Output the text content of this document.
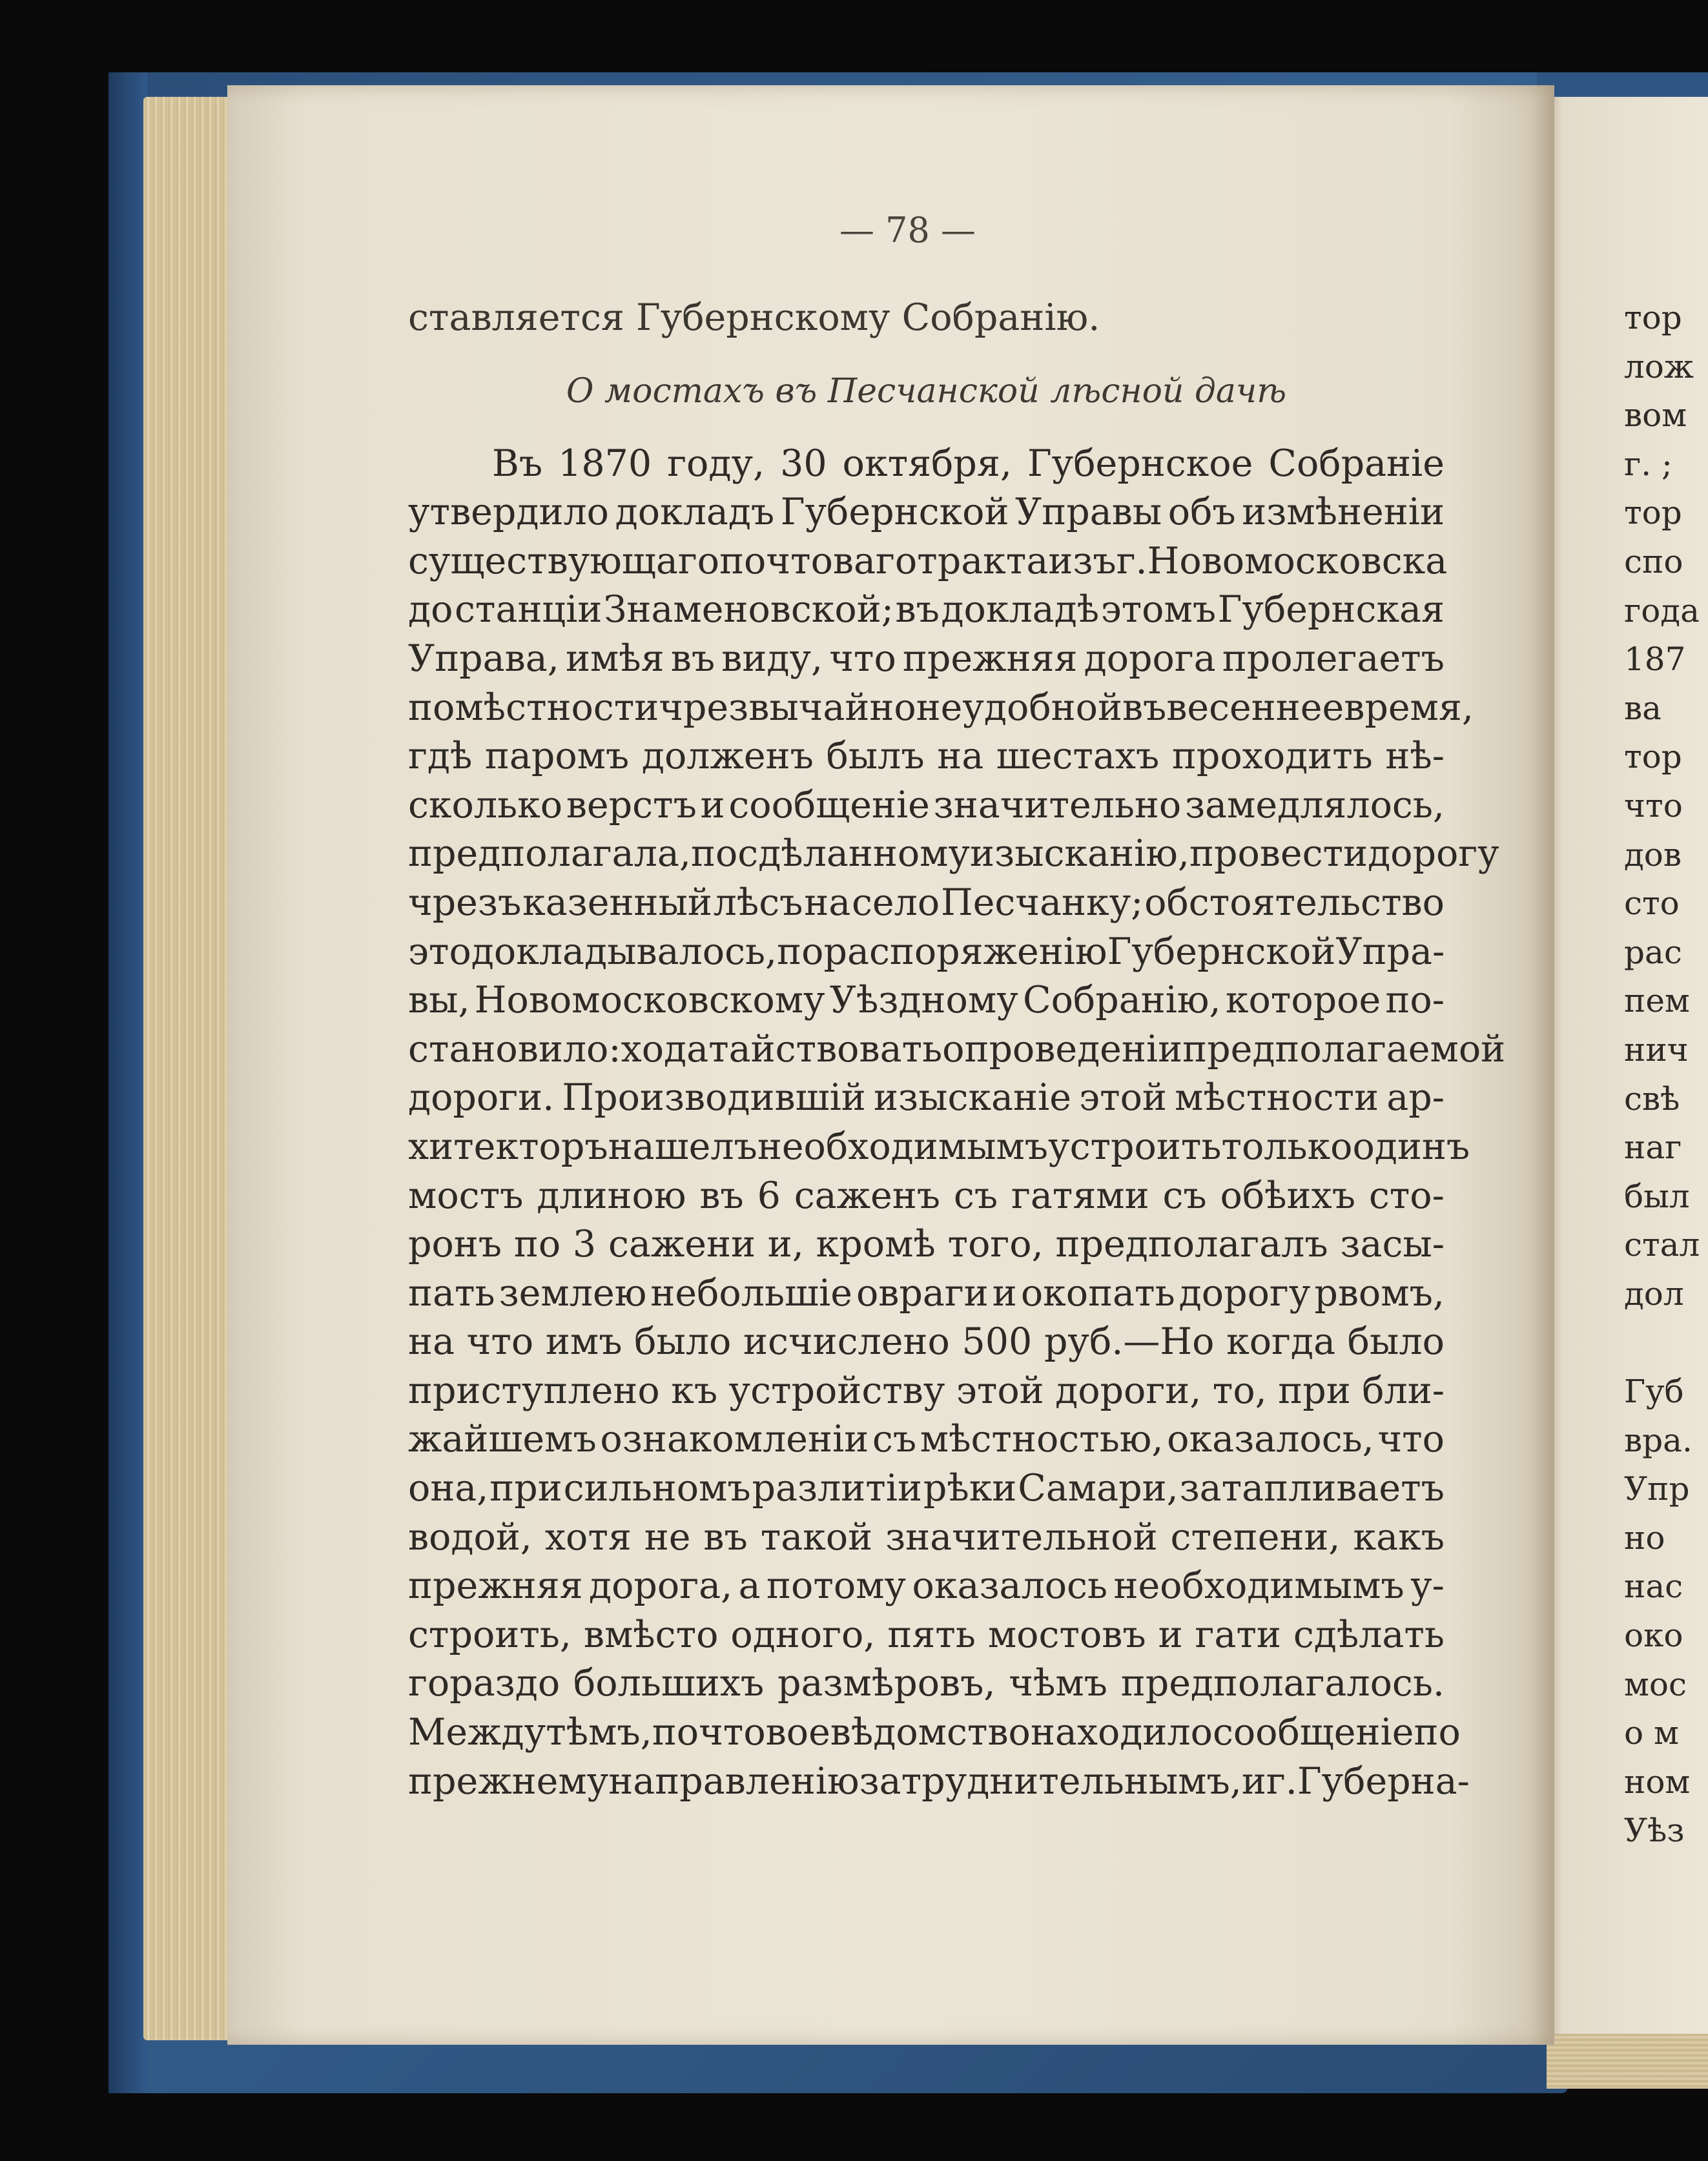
— 78 —
ставляется Губернскому Собранію.
О мостахъ въ Песчанской лѣсной дачѣ
Въ 1870 году, 30 октября, Губернское Собраніе
утвердило докладъ Губернской Управы объ измѣненіи
существующаго почтоваго тракта изъ г. Новомосковска
до станціи Знаменовской; въ докладѣ этомъ Губернская
Управа, имѣя въ виду, что прежняя дорога пролегаетъ
по мѣстности чрезвычайно неудобной въ весеннее время,
гдѣ паромъ долженъ былъ на шестахъ проходить нѣ-
сколько верстъ и сообщеніе значительно замедлялось,
предполагала, по сдѣланному изысканію, провести дорогу
чрезъ казенный лѣсъ на село Песчанку; обстоятельство
это докладывалось, по распоряженію Губернской Упра-
вы, Новомосковскому Уѣздному Собранію, которое по-
становило: ходатайствовать о проведеніи предполагаемой
дороги. Производившій изысканіе этой мѣстности ар-
хитекторъ нашелъ необходимымъ устроить только одинъ
мостъ длиною въ 6 саженъ съ гатями съ обѣихъ сто-
ронъ по 3 сажени и, кромѣ того, предполагалъ засы-
пать землею небольшіе овраги и окопать дорогу рвомъ,
на что имъ было исчислено 500 руб.—Но когда было
приступлено къ устройству этой дороги, то, при бли-
жайшемъ ознакомленіи съ мѣстностью, оказалось, что
она, при сильномъ разлитіи рѣки Самари, затапливаетъ
водой, хотя не въ такой значительной степени, какъ
прежняя дорога, а потому оказалось необходимымъ у-
строить, вмѣсто одного, пять мостовъ и гати сдѣлать
гораздо большихъ размѣровъ, чѣмъ предполагалось.
Между тѣмъ, почтовое вѣдомство находило сообщеніе по
прежнему направленію затруднительнымъ, и г. Губерна-
тор
лож
вом
г. ;
тор
спо
года
187
ва
тор
что
дов
сто
рас
пем
нич
свѣ
наг
был
стал
дол
Губ
вра.
Упр
но
нас
око
мос
о м
ном
Уѣз
